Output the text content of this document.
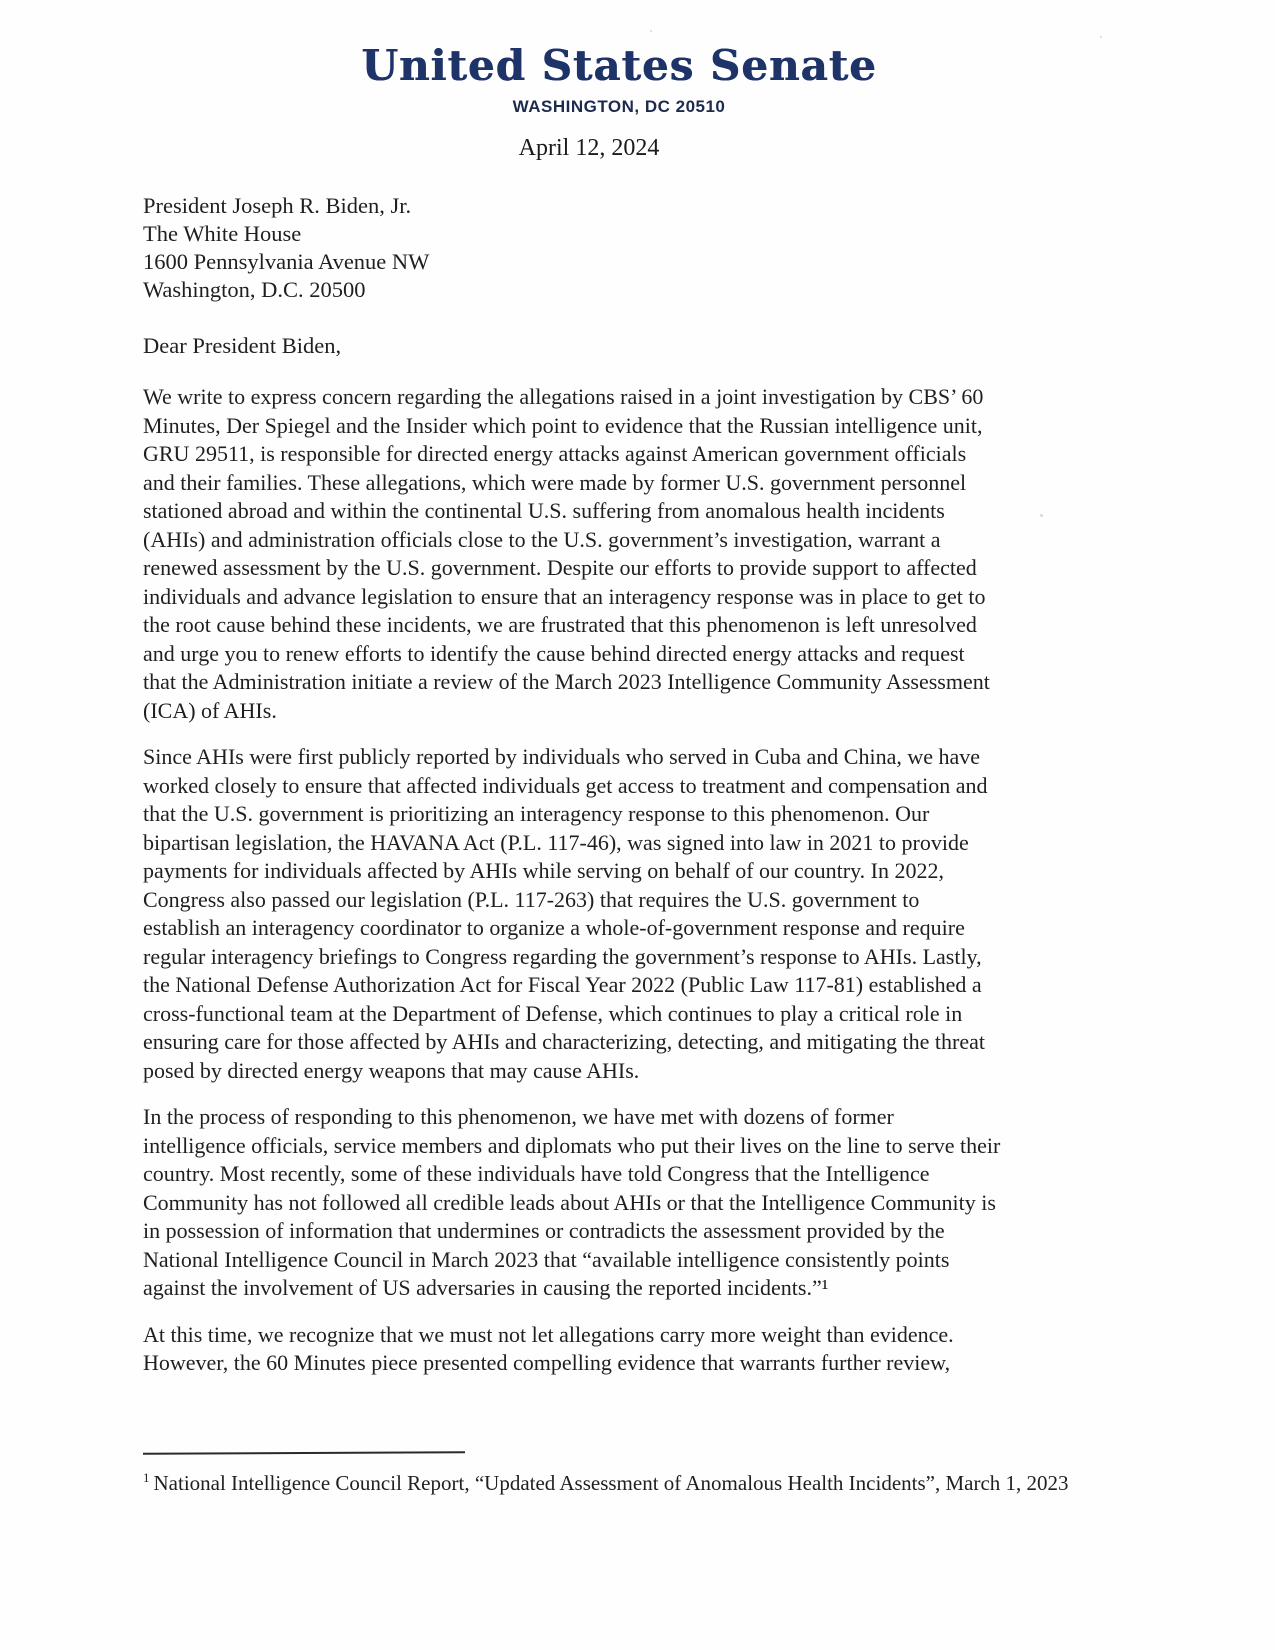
United States Senate
WASHINGTON, DC 20510
April 12, 2024
President Joseph R. Biden, Jr.
The White House
1600 Pennsylvania Avenue NW
Washington, D.C. 20500
Dear President Biden,
We write to express concern regarding the allegations raised in a joint investigation by CBS’ 60
Minutes, Der Spiegel and the Insider which point to evidence that the Russian intelligence unit,
GRU 29511, is responsible for directed energy attacks against American government officials
and their families. These allegations, which were made by former U.S. government personnel
stationed abroad and within the continental U.S. suffering from anomalous health incidents
(AHIs) and administration officials close to the U.S. government’s investigation, warrant a
renewed assessment by the U.S. government. Despite our efforts to provide support to affected
individuals and advance legislation to ensure that an interagency response was in place to get to
the root cause behind these incidents, we are frustrated that this phenomenon is left unresolved
and urge you to renew efforts to identify the cause behind directed energy attacks and request
that the Administration initiate a review of the March 2023 Intelligence Community Assessment
(ICA) of AHIs.
Since AHIs were first publicly reported by individuals who served in Cuba and China, we have
worked closely to ensure that affected individuals get access to treatment and compensation and
that the U.S. government is prioritizing an interagency response to this phenomenon. Our
bipartisan legislation, the HAVANA Act (P.L. 117-46), was signed into law in 2021 to provide
payments for individuals affected by AHIs while serving on behalf of our country. In 2022,
Congress also passed our legislation (P.L. 117-263) that requires the U.S. government to
establish an interagency coordinator to organize a whole-of-government response and require
regular interagency briefings to Congress regarding the government’s response to AHIs. Lastly,
the National Defense Authorization Act for Fiscal Year 2022 (Public Law 117-81) established a
cross-functional team at the Department of Defense, which continues to play a critical role in
ensuring care for those affected by AHIs and characterizing, detecting, and mitigating the threat
posed by directed energy weapons that may cause AHIs.
In the process of responding to this phenomenon, we have met with dozens of former
intelligence officials, service members and diplomats who put their lives on the line to serve their
country. Most recently, some of these individuals have told Congress that the Intelligence
Community has not followed all credible leads about AHIs or that the Intelligence Community is
in possession of information that undermines or contradicts the assessment provided by the
National Intelligence Council in March 2023 that “available intelligence consistently points
against the involvement of US adversaries in causing the reported incidents.”¹
At this time, we recognize that we must not let allegations carry more weight than evidence.
However, the 60 Minutes piece presented compelling evidence that warrants further review,
$^1$ National Intelligence Council Report, “Updated Assessment of Anomalous Health Incidents”, March 1, 2023
